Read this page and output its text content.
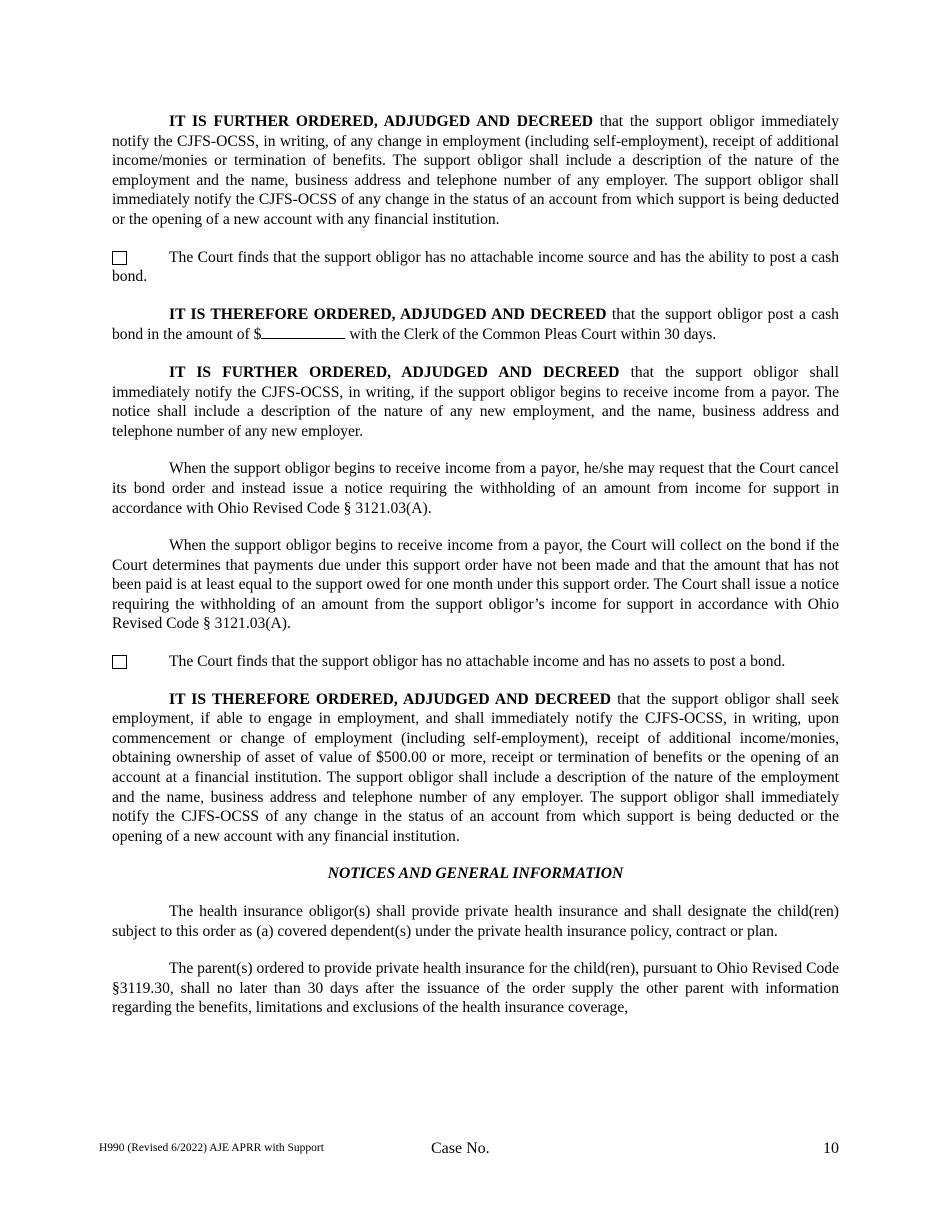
IT IS FURTHER ORDERED, ADJUDGED AND DECREED that the support obligor immediately notify the CJFS-OCSS, in writing, of any change in employment (including self-employment), receipt of additional income/monies or termination of benefits. The support obligor shall include a description of the nature of the employment and the name, business address and telephone number of any employer. The support obligor shall immediately notify the CJFS-OCSS of any change in the status of an account from which support is being deducted or the opening of a new account with any financial institution.

The Court finds that the support obligor has no attachable income source and has the ability to post a cash bond.

IT IS THEREFORE ORDERED, ADJUDGED AND DECREED that the support obligor post a cash bond in the amount of $	with the Clerk of the Common Pleas Court within 30 days.

IT IS FURTHER ORDERED, ADJUDGED AND DECREED that the support obligor shall immediately notify the CJFS-OCSS, in writing, if the support obligor begins to receive income from a payor. The notice shall include a description of the nature of any new employment, and the name, business address and telephone number of any new employer.

When the support obligor begins to receive income from a payor, he/she may request that the Court cancel its bond order and instead issue a notice requiring the withholding of an amount from income for support in accordance with Ohio Revised Code § 3121.03(A).

When the support obligor begins to receive income from a payor, the Court will collect on the bond if the Court determines that payments due under this support order have not been made and that the amount that has not been paid is at least equal to the support owed for one month under this support order. The Court shall issue a notice requiring the withholding of an amount from the support obligor’s income for support in accordance with Ohio Revised Code § 3121.03(A).

The Court finds that the support obligor has no attachable income and has no assets to post a bond.

IT IS THEREFORE ORDERED, ADJUDGED AND DECREED that the support obligor shall seek employment, if able to engage in employment, and shall immediately notify the CJFS-OCSS, in writing, upon commencement or change of employment (including self-employment), receipt of additional income/monies, obtaining ownership of asset of value of $500.00 or more, receipt or termination of benefits or the opening of an account at a financial institution. The support obligor shall include a description of the nature of the employment and the name, business address and telephone number of any employer. The support obligor shall immediately notify the CJFS-OCSS of any change in the status of an account from which support is being deducted or the opening of a new account with any financial institution.

NOTICES AND GENERAL INFORMATION

The health insurance obligor(s) shall provide private health insurance and shall designate the child(ren) subject to this order as (a) covered dependent(s) under the private health insurance policy, contract or plan.

The parent(s) ordered to provide private health insurance for the child(ren), pursuant to Ohio Revised Code §3119.30, shall no later than 30 days after the issuance of the order supply the other parent with information regarding the benefits, limitations and exclusions of the health insurance coverage,

H990 (Revised 6/2022) AJE APRR with Support	Case No.	10
